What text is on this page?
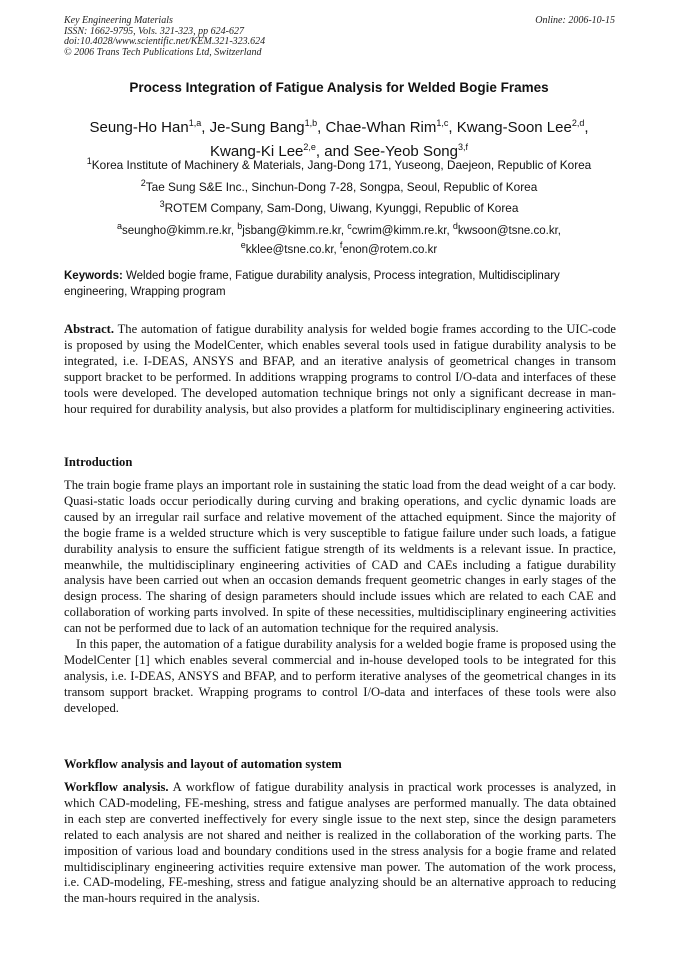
Key Engineering Materials
ISSN: 1662-9795, Vols. 321-323, pp 624-627
doi:10.4028/www.scientific.net/KEM.321-323.624
© 2006 Trans Tech Publications Ltd, Switzerland
Online: 2006-10-15
Process Integration of Fatigue Analysis for Welded Bogie Frames
Seung-Ho Han$^{1,a}$, Je-Sung Bang$^{1,b}$, Chae-Whan Rim$^{1,c}$, Kwang-Soon Lee$^{2,d}$,
Kwang-Ki Lee$^{2,e}$, and See-Yeob Song$^{3,f}$
$^1$Korea Institute of Machinery & Materials, Jang-Dong 171, Yuseong, Daejeon, Republic of Korea
$^2$Tae Sung S&E Inc., Sinchun-Dong 7-28, Songpa, Seoul, Republic of Korea
$^3$ROTEM Company, Sam-Dong, Uiwang, Kyunggi, Republic of Korea
$^a$seungho@kimm.re.kr, $^b$jsbang@kimm.re.kr, $^c$cwrim@kimm.re.kr, $^d$kwsoon@tsne.co.kr,
$^e$kklee@tsne.co.kr, $^f$enon@rotem.co.kr
Keywords: Welded bogie frame, Fatigue durability analysis, Process integration, Multidisciplinary engineering, Wrapping program
Abstract. The automation of fatigue durability analysis for welded bogie frames according to the UIC-code is proposed by using the ModelCenter, which enables several tools used in fatigue durability analysis to be integrated, i.e. I-DEAS, ANSYS and BFAP, and an iterative analysis of geometrical changes in transom support bracket to be performed. In additions wrapping programs to control I/O-data and interfaces of these tools were developed. The developed automation technique brings not only a significant decrease in man-hour required for durability analysis, but also provides a platform for multidisciplinary engineering activities.
Introduction

The train bogie frame plays an important role in sustaining the static load from the dead weight of a car body. Quasi-static loads occur periodically during curving and braking operations, and cyclic dynamic loads are caused by an irregular rail surface and relative movement of the attached equipment. Since the majority of the bogie frame is a welded structure which is very susceptible to fatigue failure under such loads, a fatigue durability analysis to ensure the sufficient fatigue strength of its weldments is a relevant issue. In practice, meanwhile, the multidisciplinary engineering activities of CAD and CAEs including a fatigue durability analysis have been carried out when an occasion demands frequent geometric changes in early stages of the design process. The sharing of design parameters should include issues which are related to each CAE and collaboration of working parts involved. In spite of these necessities, multidisciplinary engineering activities can not be performed due to lack of an automation technique for the required analysis.

In this paper, the automation of a fatigue durability analysis for a welded bogie frame is proposed using the ModelCenter [1] which enables several commercial and in-house developed tools to be integrated for this analysis, i.e. I-DEAS, ANSYS and BFAP, and to perform iterative analyses of the geometrical changes in its transom support bracket. Wrapping programs to control I/O-data and interfaces of these tools were also developed.

Workflow analysis and layout of automation system
Workflow analysis. A workflow of fatigue durability analysis in practical work processes is analyzed, in which CAD-modeling, FE-meshing, stress and fatigue analyses are performed manually. The data obtained in each step are converted ineffectively for every single issue to the next step, since the design parameters related to each analysis are not shared and neither is realized in the collaboration of the working parts. The imposition of various load and boundary conditions used in the stress analysis for a bogie frame and related multidisciplinary engineering activities require extensive man power. The automation of the work process, i.e. CAD-modeling, FE-meshing, stress and fatigue analyzing should be an alternative approach to reducing the man-hours required in the analysis.
